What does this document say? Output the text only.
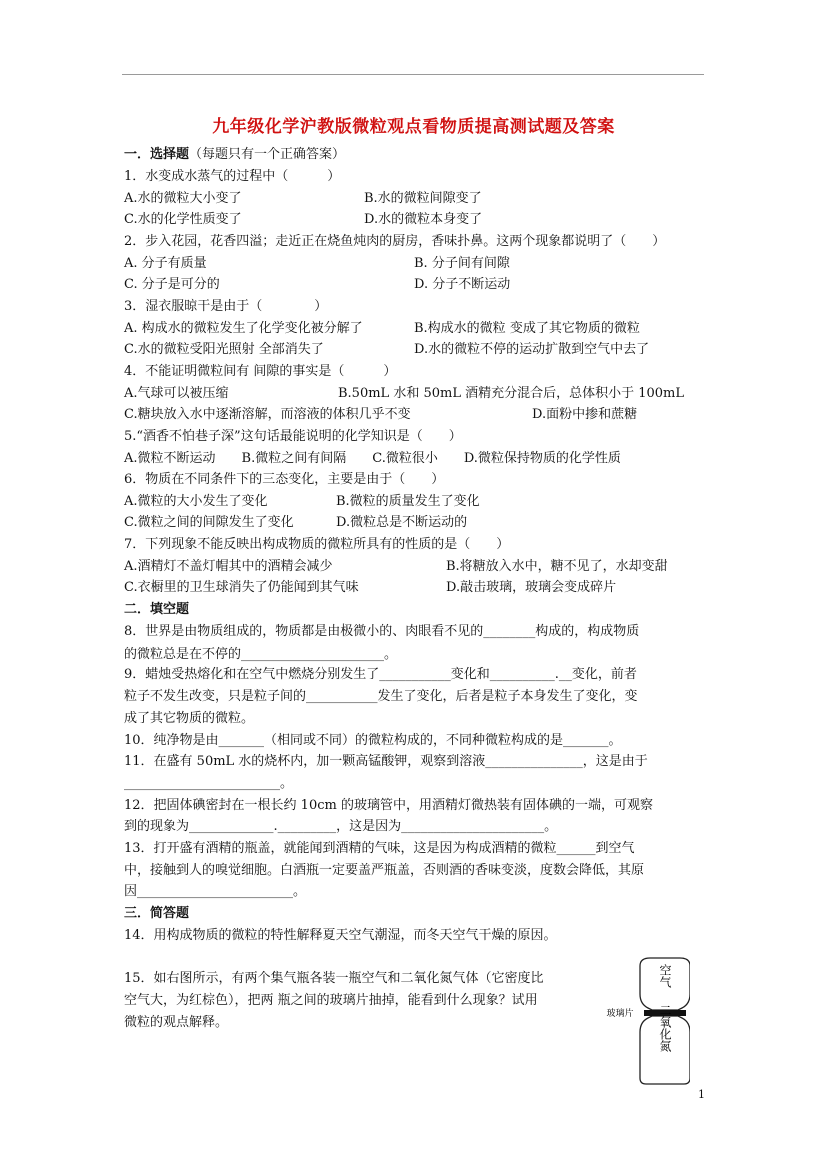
九年级化学沪教版微粒观点看物质提高测试题及答案
一．选择题（每题只有一个正确答案）
1．水变成水蒸气的过程中（　　　）
A.水的微粒大小变了	B.水的微粒间隙变了
C.水的化学性质变了	D.水的微粒本身变了
2．步入花园，花香四溢；走近正在烧鱼炖肉的厨房，香味扑鼻。这两个现象都说明了（　　）
A. 分子有质量	B. 分子间有间隙
C. 分子是可分的	D. 分子不断运动
3．湿衣服晾干是由于（　　　　）
A. 构成水的微粒发生了化学变化被分解了	B.构成水的微粒 变成了其它物质的微粒
C.水的微粒受阳光照射 全部消失了	D.水的微粒不停的运动扩散到空气中去了
4．不能证明微粒间有 间隙的事实是（　　　）
A.气球可以被压缩	B.50mL 水和 50mL 酒精充分混合后，总体积小于 100mL
C.糖块放入水中逐渐溶解，而溶液的体积几乎不变	D.面粉中掺和蔗糖
5.“酒香不怕巷子深”这句话最能说明的化学知识是（　　）
A.微粒不断运动　　B.微粒之间有间隔　　C.微粒很小　　D.微粒保持物质的化学性质
6．物质在不同条件下的三态变化，主要是由于（　　）
A.微粒的大小发生了变化	B.微粒的质量发生了变化
C.微粒之间的间隙发生了变化	D.微粒总是不断运动的
7．下列现象不能反映出构成物质的微粒所具有的性质的是（　　）
A.酒精灯不盖灯帽其中的酒精会减少	B.将糖放入水中，糖不见了，水却变甜
C.衣橱里的卫生球消失了仍能闻到其气味	D.敲击玻璃，玻璃会变成碎片
二．填空题
8．世界是由物质组成的，物质都是由极微小的、肉眼看不见的________构成的，构成物质
的微粒总是在不停的______________________。
9．蜡烛受热熔化和在空气中燃烧分别发生了___________变化和__________.__变化，前者
粒子不发生改变，只是粒子间的___________发生了变化，后者是粒子本身发生了变化，变
成了其它物质的微粒。
10．纯净物是由_______（相同或不同）的微粒构成的，不同种微粒构成的是_______。
11．在盛有 50mL 水的烧杯内，加一颗高锰酸钾，观察到溶液_______________，这是由于
________________________。
12．把固体碘密封在一根长约 10cm 的玻璃管中，用酒精灯微热装有固体碘的一端，可观察
到的现象为_____________._________，这是因为______________________。
13．打开盛有酒精的瓶盖，就能闻到酒精的气味，这是因为构成酒精的微粒______到空气
中，接触到人的嗅觉细胞。白酒瓶一定要盖严瓶盖，否则酒的香味变淡，度数会降低，其原
因________________________。
三．简答题
14．用构成物质的微粒的特性解释夏天空气潮湿，而冬天空气干燥的原因。
15．如右图所示，有两个集气瓶各装一瓶空气和二氧化氮气体（它密度比
空气大，为红棕色），把两 瓶之间的玻璃片抽掉，能看到什么现象？试用
微粒的观点解释。
空气
玻璃片 二氧化氮
1
